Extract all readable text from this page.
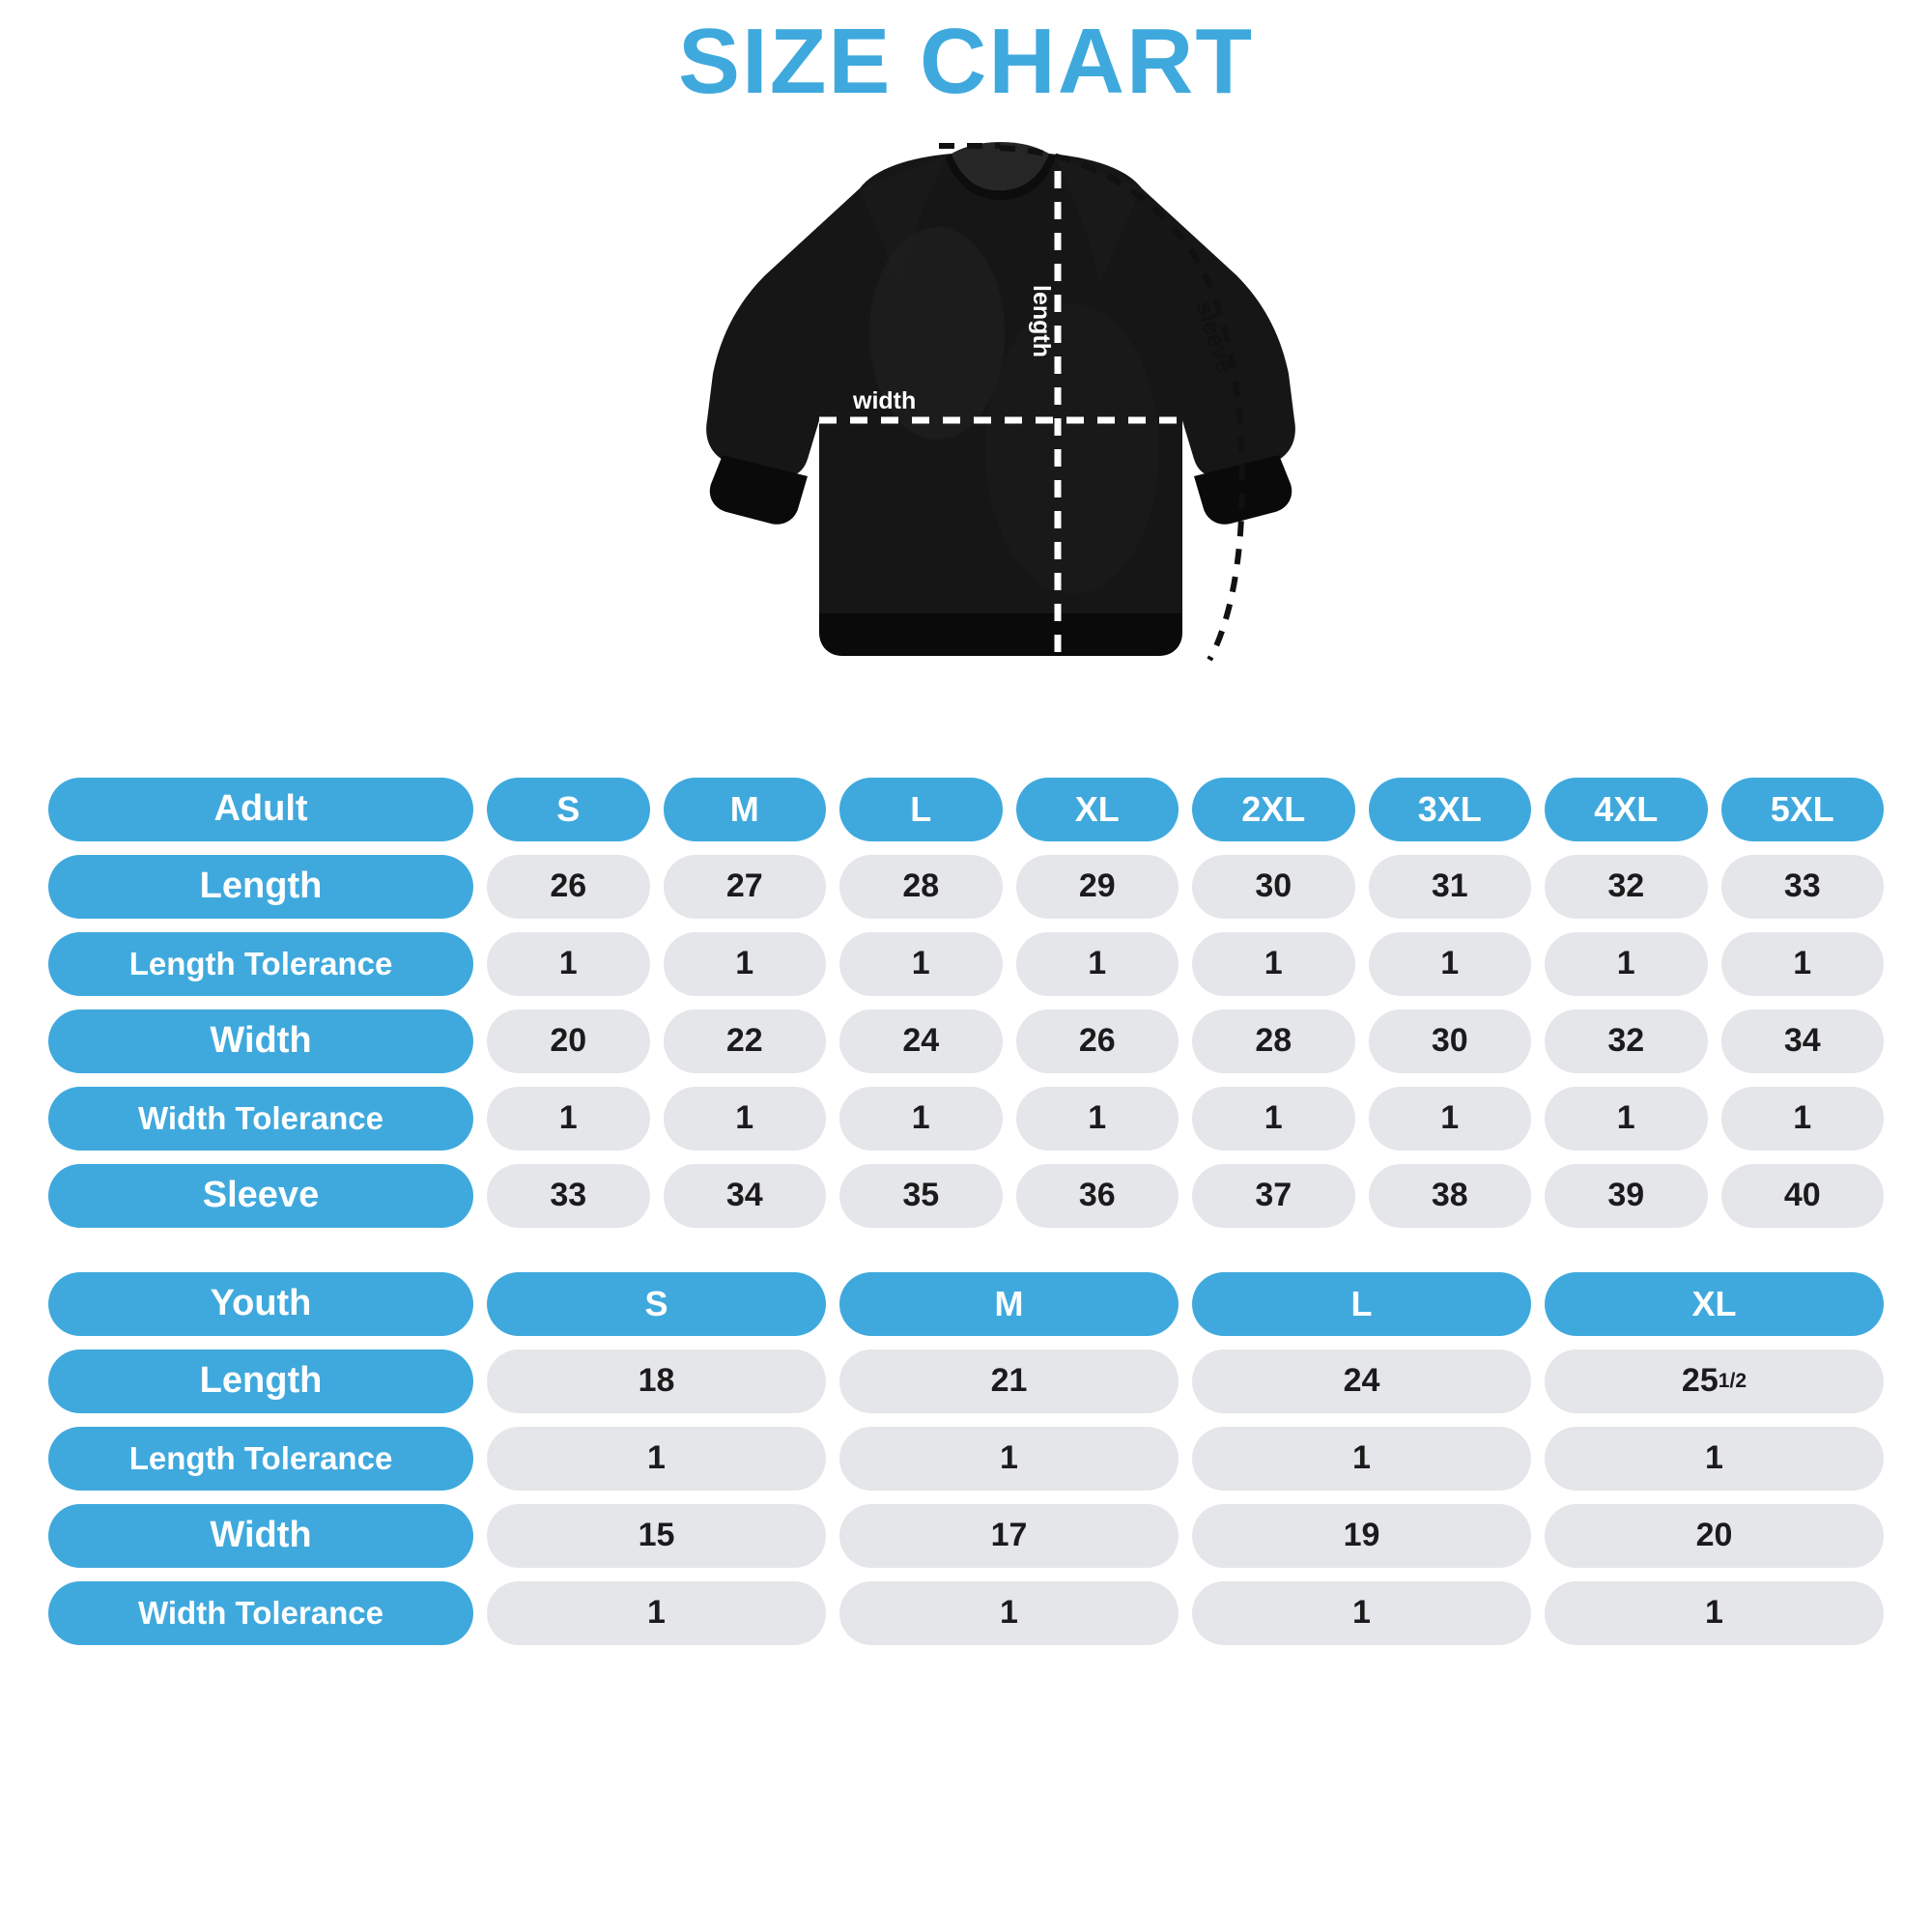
SIZE CHART
width
length	sleeve
Adult	S	M	L	XL	2XL	3XL	4XL	5XL
Length	26	27	28	29	30	31	32	33
Length Tolerance	1	1	1	1	1	1	1	1
Width	20	22	24	26	28	30	32	34
Width Tolerance	1	1	1	1	1	1	1	1
Sleeve	33	34	35	36	37	38	39	40
Youth	S	M	L	XL
Length	18	21	24	25 1/2
Length Tolerance	1	1	1	1
Width	15	17	19	20
Width Tolerance	1	1	1	1
